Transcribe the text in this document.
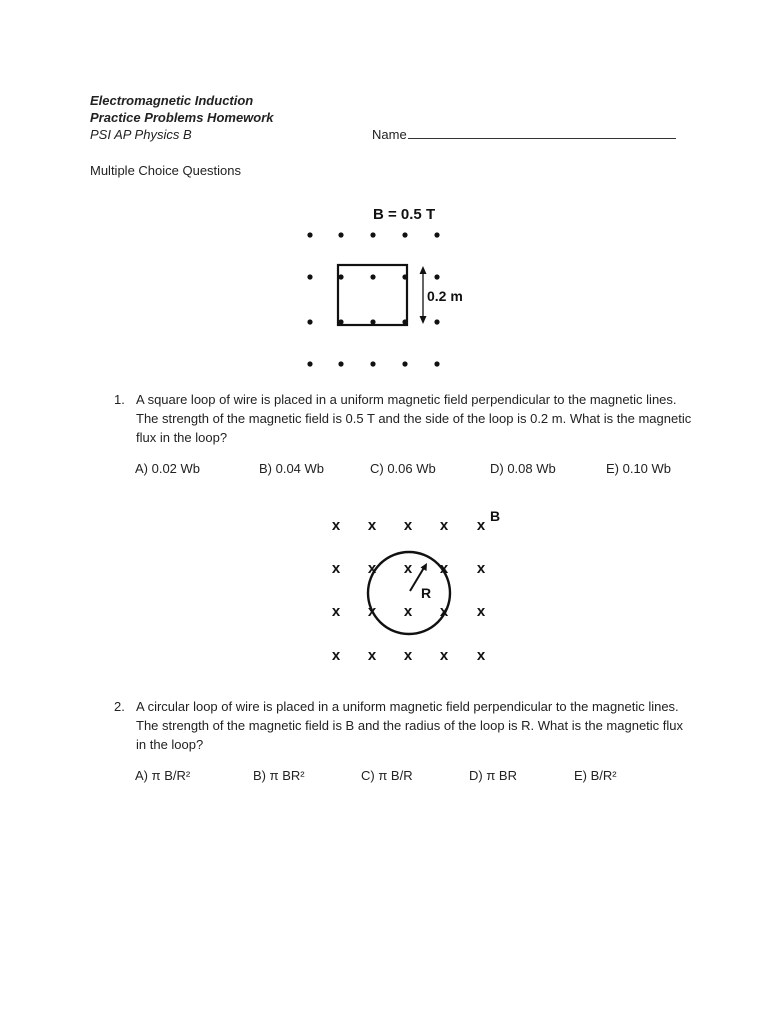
Electromagnetic Induction
Practice Problems Homework
PSI AP Physics B	Name
Multiple Choice Questions
B = 0.5 T
0.2 m
1. A square loop of wire is placed in a uniform magnetic field perpendicular to the magnetic lines. The strength of the magnetic field is 0.5 T and the side of the loop is 0.2 m. What is the magnetic flux in the loop?
A) 0.02 Wb	B) 0.04 Wb	C) 0.06 Wb	D) 0.08 Wb	E) 0.10 Wb
x x x x x
x x x x x
x x x x x
x x x x x
R
B
2. A circular loop of wire is placed in a uniform magnetic field perpendicular to the magnetic lines. The strength of the magnetic field is B and the radius of the loop is R. What is the magnetic flux in the loop?
A) π B/R²	B) π BR²	C) π B/R	D) π BR	E) B/R²
